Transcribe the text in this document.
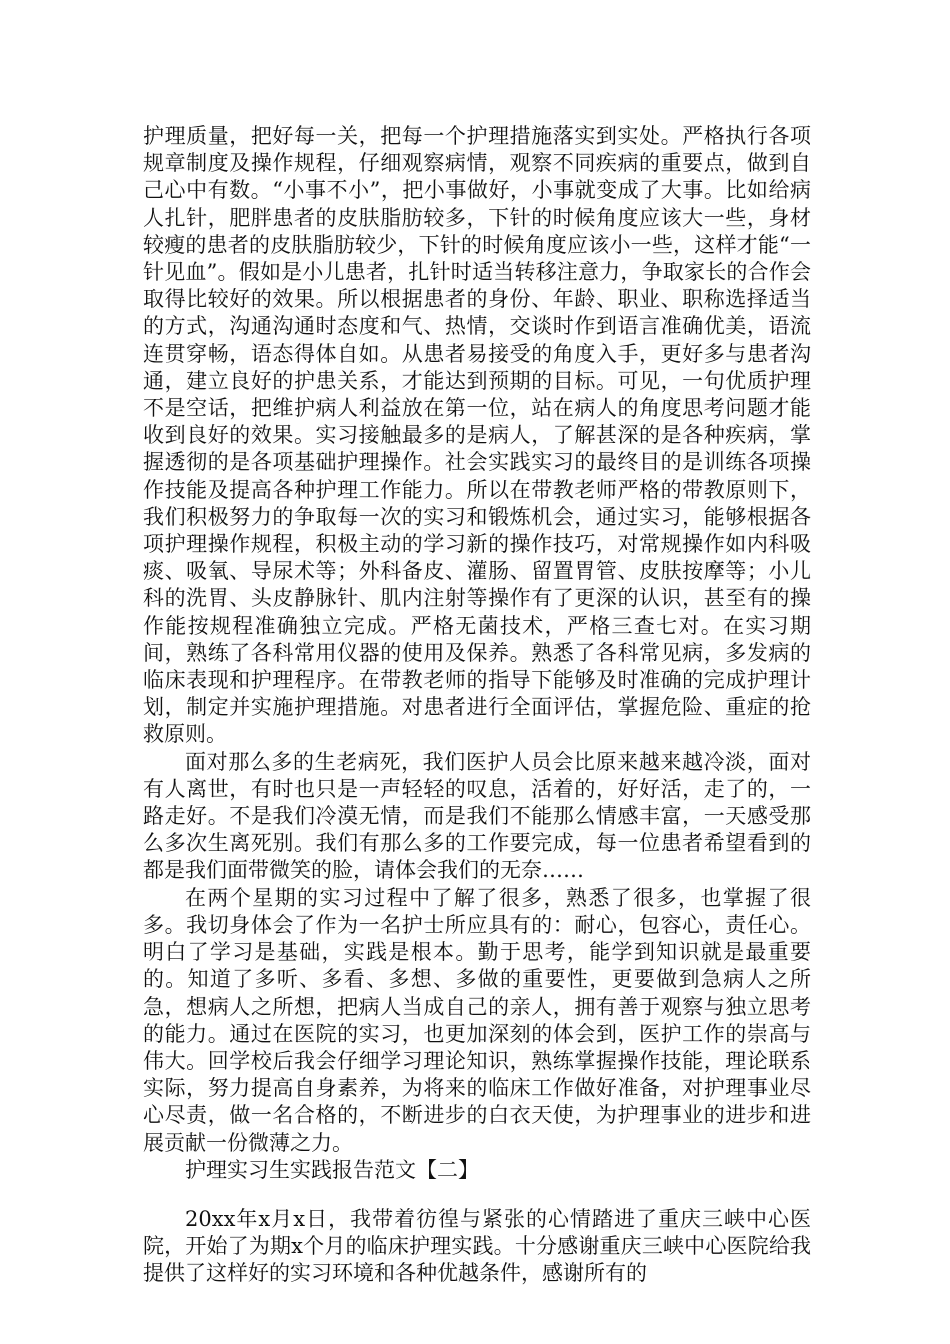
护理质量，把好每一关，把每一个护理措施落实到实处。严格执行各项规章制度及操作规程，仔细观察病情，观察不同疾病的重要点，做到自己心中有数。“小事不小”，把小事做好，小事就变成了大事。比如给病人扎针，肥胖患者的皮肤脂肪较多，下针的时候角度应该大一些，身材较瘦的患者的皮肤脂肪较少，下针的时候角度应该小一些，这样才能“一针见血”。假如是小儿患者，扎针时适当转移注意力，争取家长的合作会取得比较好的效果。所以根据患者的身份、年龄、职业、职称选择适当的方式，沟通沟通时态度和气、热情，交谈时作到语言准确优美，语流连贯穿畅，语态得体自如。从患者易接受的角度入手，更好多与患者沟通，建立良好的护患关系，才能达到预期的目标。可见，一句优质护理不是空话，把维护病人利益放在第一位，站在病人的角度思考问题才能收到良好的效果。实习接触最多的是病人，了解甚深的是各种疾病，掌握透彻的是各项基础护理操作。社会实践实习的最终目的是训练各项操作技能及提高各种护理工作能力。所以在带教老师严格的带教原则下，我们积极努力的争取每一次的实习和锻炼机会，通过实习，能够根据各项护理操作规程，积极主动的学习新的操作技巧，对常规操作如内科吸痰、吸氧、导尿术等；外科备皮、灌肠、留置胃管、皮肤按摩等；小儿科的洗胃、头皮静脉针、肌内注射等操作有了更深的认识，甚至有的操作能按规程准确独立完成。严格无菌技术，严格三查七对。在实习期间，熟练了各科常用仪器的使用及保养。熟悉了各科常见病，多发病的临床表现和护理程序。在带教老师的指导下能够及时准确的完成护理计划，制定并实施护理措施。对患者进行全面评估，掌握危险、重症的抢救原则。

面对那么多的生老病死，我们医护人员会比原来越来越冷淡，面对有人离世，有时也只是一声轻轻的叹息，活着的，好好活，走了的，一路走好。不是我们冷漠无情，而是我们不能那么情感丰富，一天感受那么多次生离死别。我们有那么多的工作要完成，每一位患者希望看到的都是我们面带微笑的脸，请体会我们的无奈……

在两个星期的实习过程中了解了很多，熟悉了很多，也掌握了很多。我切身体会了作为一名护士所应具有的：耐心，包容心，责任心。明白了学习是基础，实践是根本。勤于思考，能学到知识就是最重要的。知道了多听、多看、多想、多做的重要性，更要做到急病人之所急，想病人之所想，把病人当成自己的亲人，拥有善于观察与独立思考的能力。通过在医院的实习，也更加深刻的体会到，医护工作的崇高与伟大。回学校后我会仔细学习理论知识，熟练掌握操作技能，理论联系实际，努力提高自身素养，为将来的临床工作做好准备，对护理事业尽心尽责，做一名合格的，不断进步的白衣天使，为护理事业的进步和进展贡献一份微薄之力。

护理实习生实践报告范文【二】

20xx年x月x日，我带着彷徨与紧张的心情踏进了重庆三峡中心医院，开始了为期x个月的临床护理实践。十分感谢重庆三峡中心医院给我提供了这样好的实习环境和各种优越条件，感谢所有的
